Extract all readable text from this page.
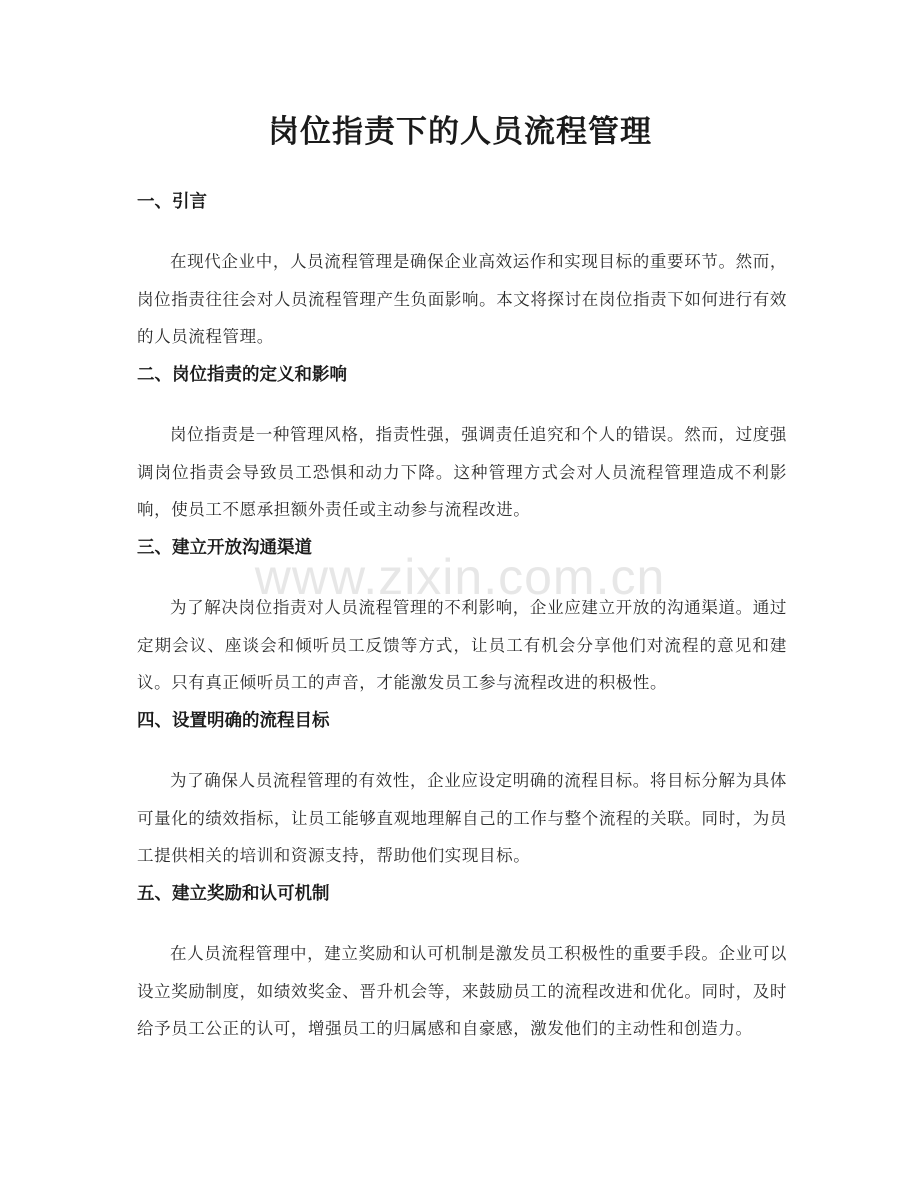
岗位指责下的人员流程管理
一、引言

在现代企业中，人员流程管理是确保企业高效运作和实现目标的重要环节。然而，岗位指责往往会对人员流程管理产生负面影响。本文将探讨在岗位指责下如何进行有效的人员流程管理。

二、岗位指责的定义和影响

岗位指责是一种管理风格，指责性强，强调责任追究和个人的错误。然而，过度强调岗位指责会导致员工恐惧和动力下降。这种管理方式会对人员流程管理造成不利影响，使员工不愿承担额外责任或主动参与流程改进。

三、建立开放沟通渠道

为了解决岗位指责对人员流程管理的不利影响，企业应建立开放的沟通渠道。通过定期会议、座谈会和倾听员工反馈等方式，让员工有机会分享他们对流程的意见和建议。只有真正倾听员工的声音，才能激发员工参与流程改进的积极性。

四、设置明确的流程目标

为了确保人员流程管理的有效性，企业应设定明确的流程目标。将目标分解为具体可量化的绩效指标，让员工能够直观地理解自己的工作与整个流程的关联。同时，为员工提供相关的培训和资源支持，帮助他们实现目标。

五、建立奖励和认可机制

在人员流程管理中，建立奖励和认可机制是激发员工积极性的重要手段。企业可以设立奖励制度，如绩效奖金、晋升机会等，来鼓励员工的流程改进和优化。同时，及时给予员工公正的认可，增强员工的归属感和自豪感，激发他们的主动性和创造力。

www.zixin.com.cn
